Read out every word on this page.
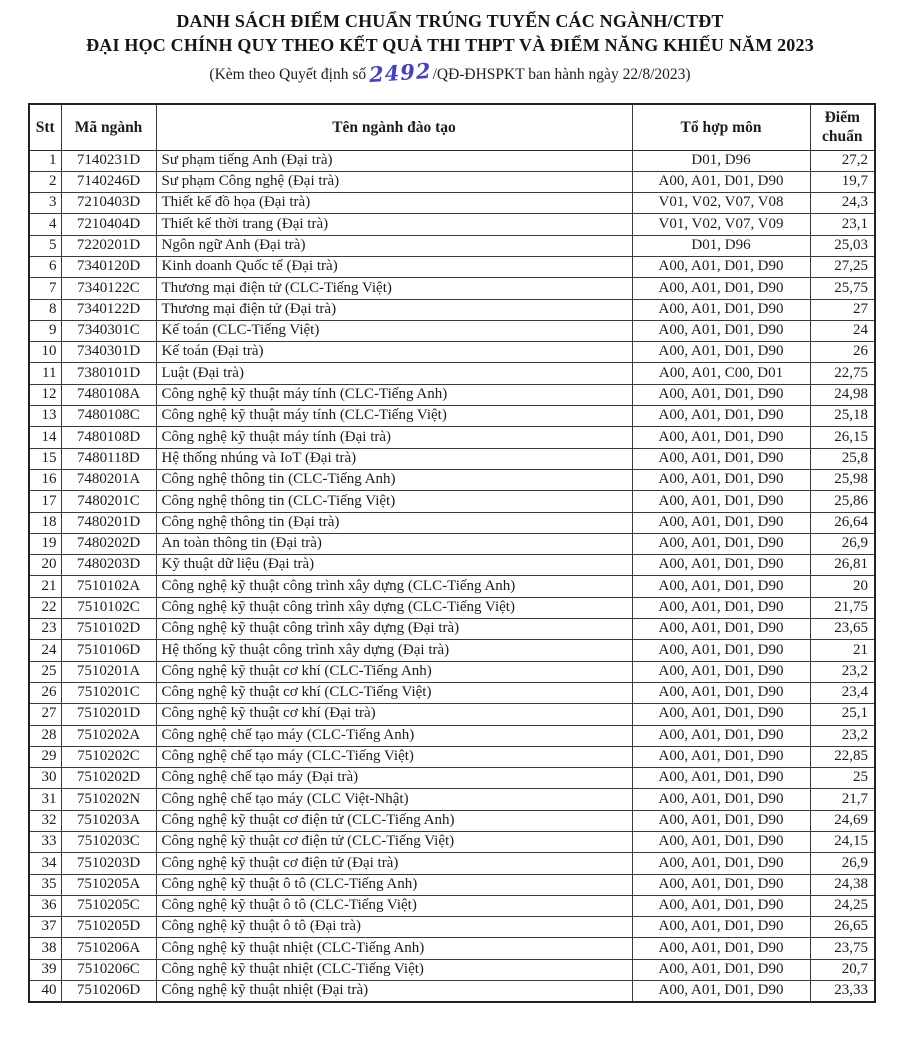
DANH SÁCH ĐIỂM CHUẨN TRÚNG TUYỂN CÁC NGÀNH/CTĐT
ĐẠI HỌC CHÍNH QUY THEO KẾT QUẢ THI THPT VÀ ĐIỂM NĂNG KHIẾU NĂM 2023
(Kèm theo Quyết định số 2492/QĐ-ĐHSPKT ban hành ngày 22/8/2023)
Stt	Mã ngành	Tên ngành đào tạo	Tổ hợp môn	Điểm chuẩn
1	7140231D	Sư phạm tiếng Anh (Đại trà)	D01, D96	27,2
2	7140246D	Sư phạm Công nghệ (Đại trà)	A00, A01, D01, D90	19,7
3	7210403D	Thiết kế đồ họa (Đại trà)	V01, V02, V07, V08	24,3
4	7210404D	Thiết kế thời trang (Đại trà)	V01, V02, V07, V09	23,1
5	7220201D	Ngôn ngữ Anh (Đại trà)	D01, D96	25,03
6	7340120D	Kinh doanh Quốc tế (Đại trà)	A00, A01, D01, D90	27,25
7	7340122C	Thương mại điện tử (CLC-Tiếng Việt)	A00, A01, D01, D90	25,75
8	7340122D	Thương mại điện tử (Đại trà)	A00, A01, D01, D90	27
9	7340301C	Kế toán (CLC-Tiếng Việt)	A00, A01, D01, D90	24
10	7340301D	Kế toán (Đại trà)	A00, A01, D01, D90	26
11	7380101D	Luật (Đại trà)	A00, A01, C00, D01	22,75
12	7480108A	Công nghệ kỹ thuật máy tính (CLC-Tiếng Anh)	A00, A01, D01, D90	24,98
13	7480108C	Công nghệ kỹ thuật máy tính (CLC-Tiếng Việt)	A00, A01, D01, D90	25,18
14	7480108D	Công nghệ kỹ thuật máy tính (Đại trà)	A00, A01, D01, D90	26,15
15	7480118D	Hệ thống nhúng và IoT (Đại trà)	A00, A01, D01, D90	25,8
16	7480201A	Công nghệ thông tin (CLC-Tiếng Anh)	A00, A01, D01, D90	25,98
17	7480201C	Công nghệ thông tin (CLC-Tiếng Việt)	A00, A01, D01, D90	25,86
18	7480201D	Công nghệ thông tin (Đại trà)	A00, A01, D01, D90	26,64
19	7480202D	An toàn thông tin (Đại trà)	A00, A01, D01, D90	26,9
20	7480203D	Kỹ thuật dữ liệu (Đại trà)	A00, A01, D01, D90	26,81
21	7510102A	Công nghệ kỹ thuật công trình xây dựng (CLC-Tiếng Anh)	A00, A01, D01, D90	20
22	7510102C	Công nghệ kỹ thuật công trình xây dựng (CLC-Tiếng Việt)	A00, A01, D01, D90	21,75
23	7510102D	Công nghệ kỹ thuật công trình xây dựng (Đại trà)	A00, A01, D01, D90	23,65
24	7510106D	Hệ thống kỹ thuật công trình xây dựng (Đại trà)	A00, A01, D01, D90	21
25	7510201A	Công nghệ kỹ thuật cơ khí (CLC-Tiếng Anh)	A00, A01, D01, D90	23,2
26	7510201C	Công nghệ kỹ thuật cơ khí (CLC-Tiếng Việt)	A00, A01, D01, D90	23,4
27	7510201D	Công nghệ kỹ thuật cơ khí (Đại trà)	A00, A01, D01, D90	25,1
28	7510202A	Công nghệ chế tạo máy (CLC-Tiếng Anh)	A00, A01, D01, D90	23,2
29	7510202C	Công nghệ chế tạo máy (CLC-Tiếng Việt)	A00, A01, D01, D90	22,85
30	7510202D	Công nghệ chế tạo máy (Đại trà)	A00, A01, D01, D90	25
31	7510202N	Công nghệ chế tạo máy (CLC Việt-Nhật)	A00, A01, D01, D90	21,7
32	7510203A	Công nghệ kỹ thuật cơ điện tử (CLC-Tiếng Anh)	A00, A01, D01, D90	24,69
33	7510203C	Công nghệ kỹ thuật cơ điện tử (CLC-Tiếng Việt)	A00, A01, D01, D90	24,15
34	7510203D	Công nghệ kỹ thuật cơ điện tử (Đại trà)	A00, A01, D01, D90	26,9
35	7510205A	Công nghệ kỹ thuật ô tô (CLC-Tiếng Anh)	A00, A01, D01, D90	24,38
36	7510205C	Công nghệ kỹ thuật ô tô (CLC-Tiếng Việt)	A00, A01, D01, D90	24,25
37	7510205D	Công nghệ kỹ thuật ô tô (Đại trà)	A00, A01, D01, D90	26,65
38	7510206A	Công nghệ kỹ thuật nhiệt (CLC-Tiếng Anh)	A00, A01, D01, D90	23,75
39	7510206C	Công nghệ kỹ thuật nhiệt (CLC-Tiếng Việt)	A00, A01, D01, D90	20,7
40	7510206D	Công nghệ kỹ thuật nhiệt (Đại trà)	A00, A01, D01, D90	23,33
